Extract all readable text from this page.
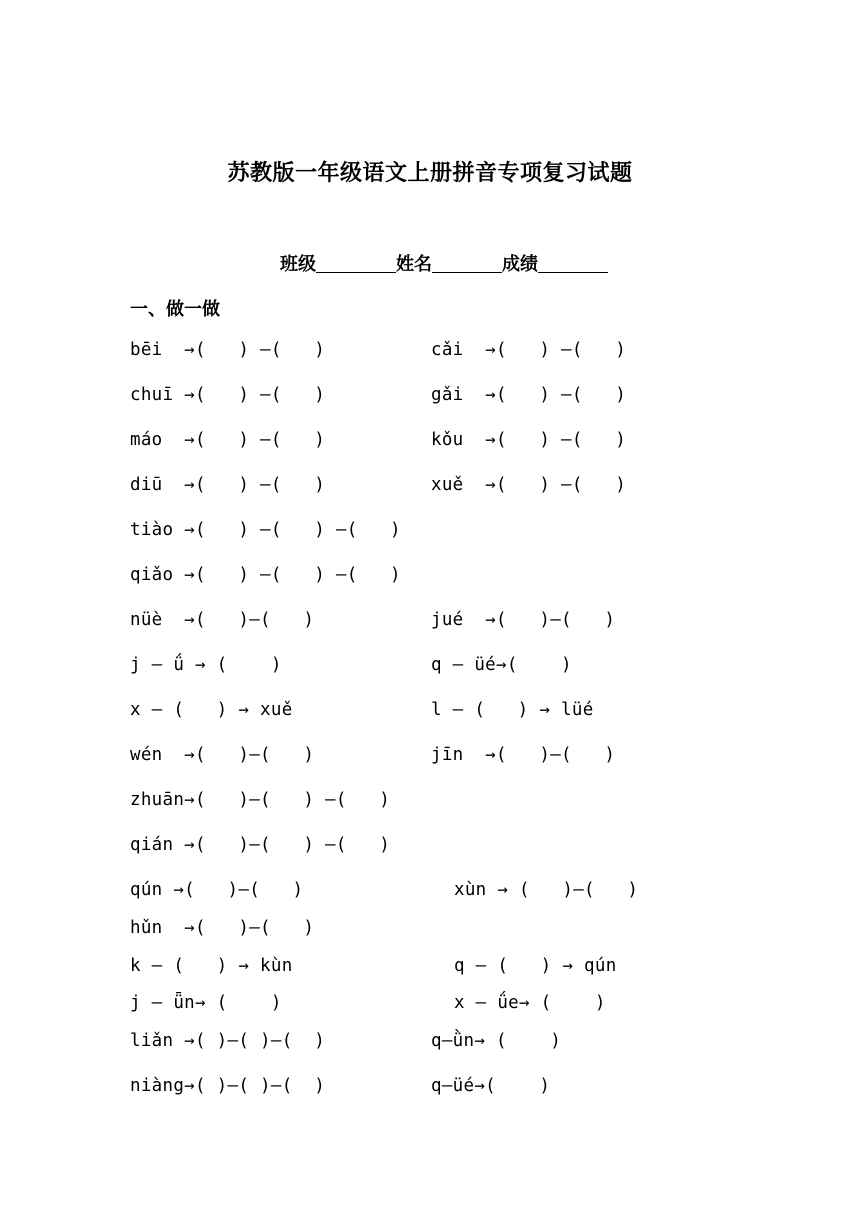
苏教版一年级语文上册拼音专项复习试题
班级	姓名	成绩
一、做一做
bēi  →(   ) —(   )	cǎi  →(   ) —(   )
chuī →(   ) —(   )	gǎi  →(   ) —(   )
máo  →(   ) —(   )	kǒu  →(   ) —(   )
diū  →(   ) —(   )	xuě  →(   ) —(   )
tiào →(   ) —(   ) —(   )
qiǎo →(   ) —(   ) —(   )
nüè  →(   )—(   )	jué  →(   )—(   )
j — ǘ → (    )	q — üé→(    )
x — (   ) → xuě	l — (   ) → lüé
wén  →(   )—(   )	jīn  →(   )—(   )
zhuān→(   )—(   ) —(   )
qián →(   )—(   ) —(   )
qún →(   )—(   )	xùn → (   )—(   )
hǔn  →(   )—(   )
k — (   ) → kùn	q — (   ) → qún
j — ǖn→ (    )	x — ǘe→ (    )
liǎn →( )—( )—(  )	q—ǜn→ (    )
niàng→( )—( )—(  )	q—üé→(    )
